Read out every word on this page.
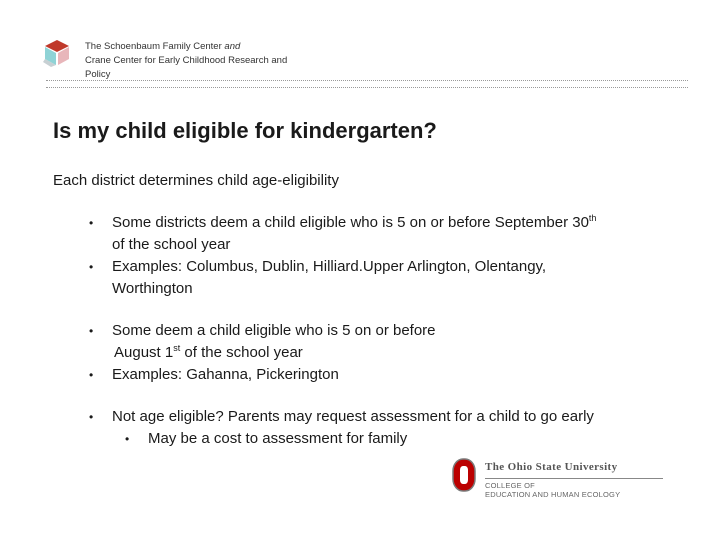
The Schoenbaum Family Center and
Crane Center for Early Childhood Research and
Policy
Is my child eligible for kindergarten?
Each district determines child age-eligibility
• Some districts deem a child eligible who is 5 on or before September 30th
of the school year
• Examples: Columbus, Dublin, Hilliard.Upper Arlington, Olentangy,
Worthington
• Some deem a child eligible who is 5 on or before
August 1st of the school year
• Examples: Gahanna, Pickerington
• Not age eligible? Parents may request assessment for a child to go early
• May be a cost to assessment for family
The Ohio State University
COLLEGE OF
EDUCATION AND HUMAN ECOLOGY
